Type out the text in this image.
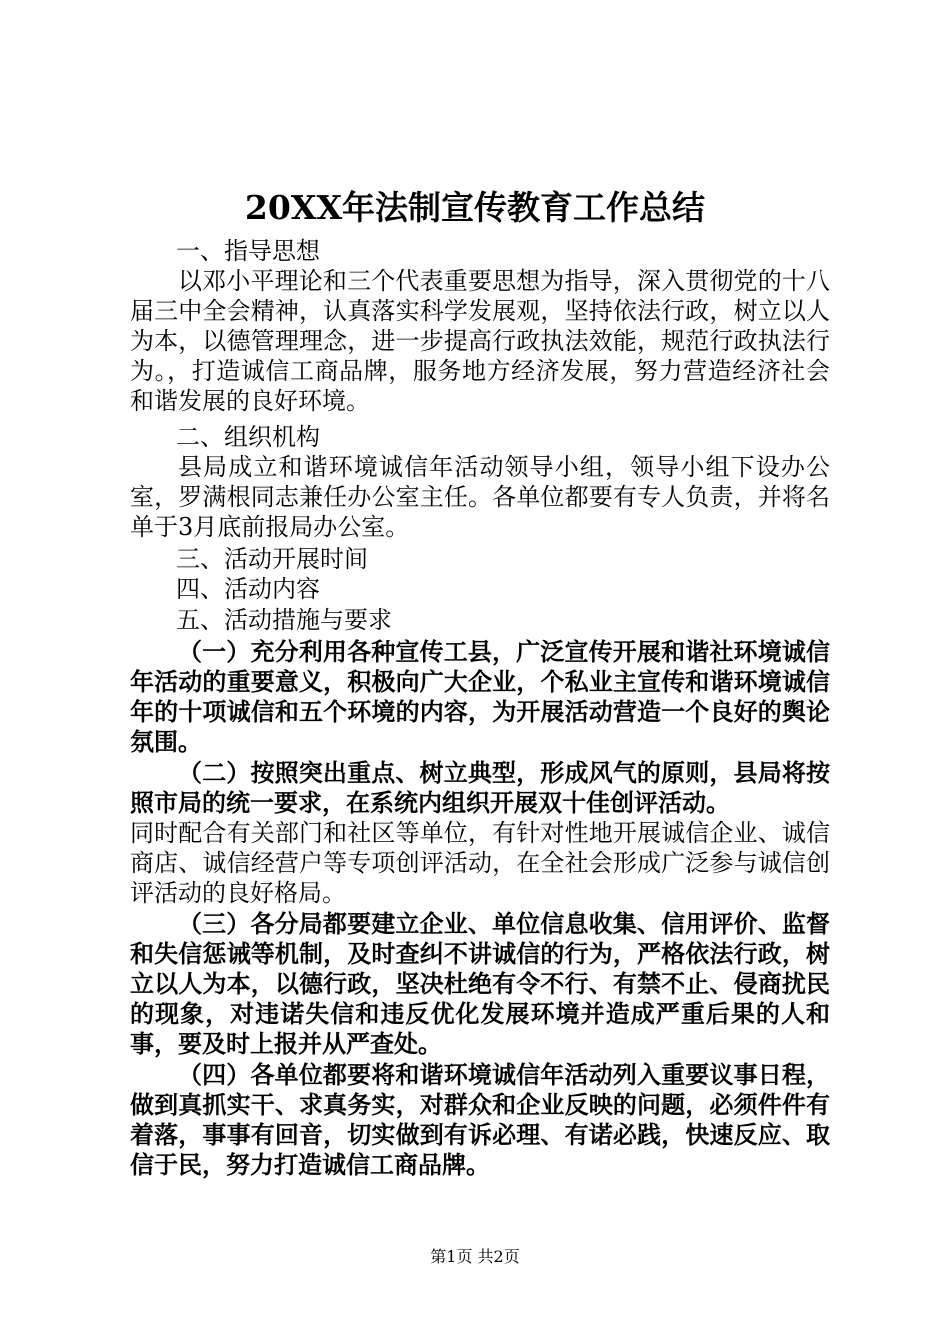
20XX年法制宣传教育工作总结
一、指导思想
以邓小平理论和三个代表重要思想为指导，深入贯彻党的十八届三中全会精神，认真落实科学发展观，坚持依法行政，树立以人为本，以德管理理念，进一步提高行政执法效能，规范行政执法行为。，打造诚信工商品牌，服务地方经济发展，努力营造经济社会和谐发展的良好环境。
二、组织机构
县局成立和谐环境诚信年活动领导小组，领导小组下设办公室，罗满根同志兼任办公室主任。各单位都要有专人负责，并将名单于3月底前报局办公室。
三、活动开展时间
四、活动内容
五、活动措施与要求
（一）充分利用各种宣传工县，广泛宣传开展和谐社环境诚信年活动的重要意义，积极向广大企业，个私业主宣传和谐环境诚信年的十项诚信和五个环境的内容，为开展活动营造一个良好的舆论氛围。
（二）按照突出重点、树立典型，形成风气的原则，县局将按照市局的统一要求，在系统内组织开展双十佳创评活动。
同时配合有关部门和社区等单位，有针对性地开展诚信企业、诚信商店、诚信经营户等专项创评活动，在全社会形成广泛参与诚信创评活动的良好格局。
（三）各分局都要建立企业、单位信息收集、信用评价、监督和失信惩诫等机制，及时查纠不讲诚信的行为，严格依法行政，树立以人为本，以德行政，坚决杜绝有令不行、有禁不止、侵商扰民的现象，对违诺失信和违反优化发展环境并造成严重后果的人和事，要及时上报并从严查处。
（四）各单位都要将和谐环境诚信年活动列入重要议事日程，做到真抓实干、求真务实，对群众和企业反映的问题，必须件件有着落，事事有回音，切实做到有诉必理、有诺必践，快速反应、取信于民，努力打造诚信工商品牌。
第1页 共2页
